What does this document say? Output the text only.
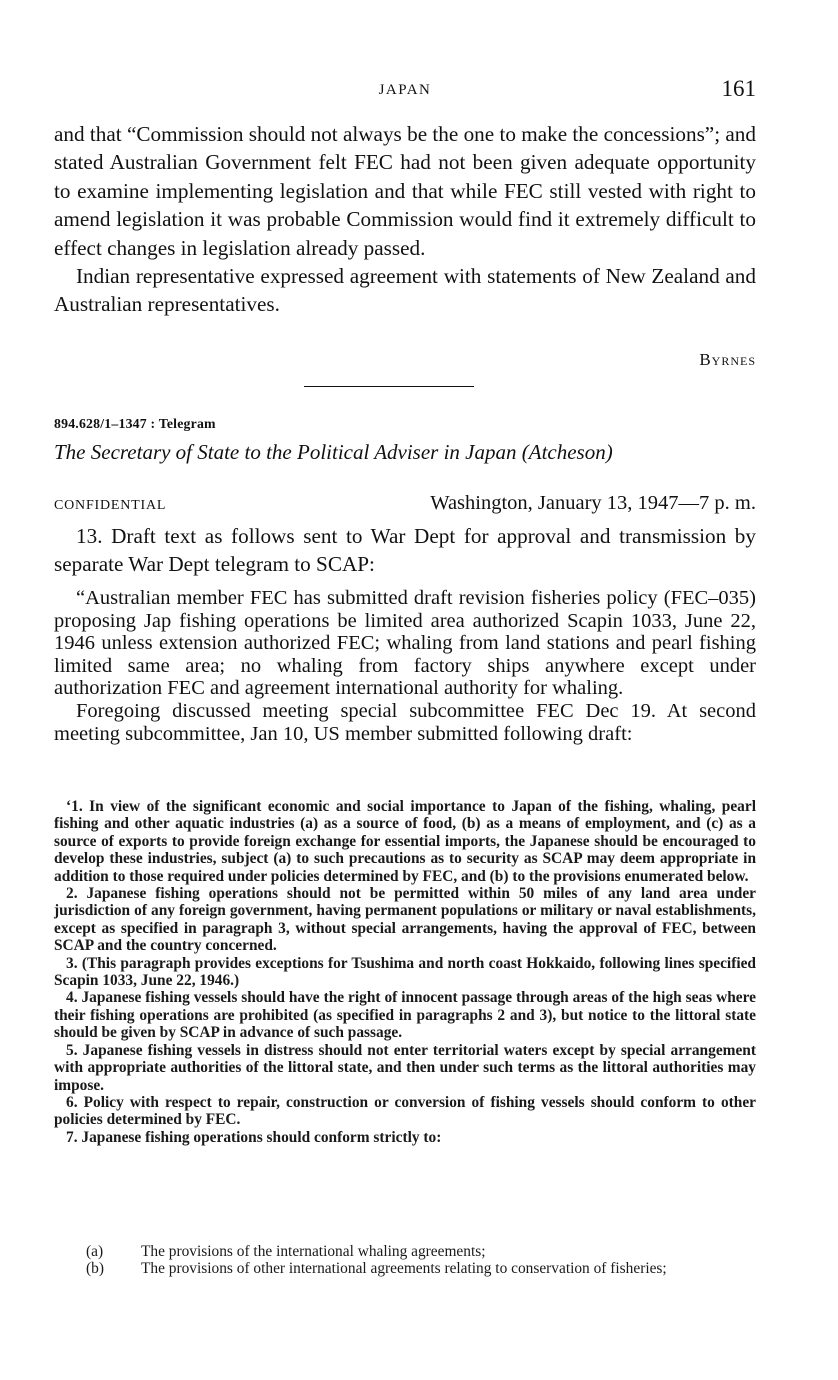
JAPAN	161

and that “Commission should not always be the one to make the concessions”; and stated Australian Government felt FEC had not been given adequate opportunity to examine implementing legislation and that while FEC still vested with right to amend legislation it was probable Commission would find it extremely difficult to effect changes in legislation already passed.

Indian representative expressed agreement with statements of New Zealand and Australian representatives.

Byrnes
894.628/1–1347 : Telegram
The Secretary of State to the Political Adviser in Japan (Atcheson)
CONFIDENTIAL	Washington, January 13, 1947—7 p. m.

13. Draft text as follows sent to War Dept for approval and transmission by separate War Dept telegram to SCAP:

“Australian member FEC has submitted draft revision fisheries policy (FEC–035) proposing Jap fishing operations be limited area authorized Scapin 1033, June 22, 1946 unless extension authorized FEC; whaling from land stations and pearl fishing limited same area; no whaling from factory ships anywhere except under authorization FEC and agreement international authority for whaling.

Foregoing discussed meeting special subcommittee FEC Dec 19. At second meeting subcommittee, Jan 10, US member submitted following draft:

‘1. In view of the significant economic and social importance to Japan of the fishing, whaling, pearl fishing and other aquatic industries (a) as a source of food, (b) as a means of employment, and (c) as a source of exports to provide foreign exchange for essential imports, the Japanese should be encouraged to develop these industries, subject (a) to such precautions as to security as SCAP may deem appropriate in addition to those required under policies determined by FEC, and (b) to the provisions enumerated below.

2. Japanese fishing operations should not be permitted within 50 miles of any land area under jurisdiction of any foreign government, having permanent populations or military or naval establishments, except as specified in paragraph 3, without special arrangements, having the approval of FEC, between SCAP and the country concerned.

3. (This paragraph provides exceptions for Tsushima and north coast Hokkaido, following lines specified Scapin 1033, June 22, 1946.)

4. Japanese fishing vessels should have the right of innocent passage through areas of the high seas where their fishing operations are prohibited (as specified in paragraphs 2 and 3), but notice to the littoral state should be given by SCAP in advance of such passage.

5. Japanese fishing vessels in distress should not enter territorial waters except by special arrangement with appropriate authorities of the littoral state, and then under such terms as the littoral authorities may impose.

6. Policy with respect to repair, construction or conversion of fishing vessels should conform to other policies determined by FEC.

7. Japanese fishing operations should conform strictly to:

(a) The provisions of the international whaling agreements;
(b) The provisions of other international agreements relating to conservation of fisheries;
